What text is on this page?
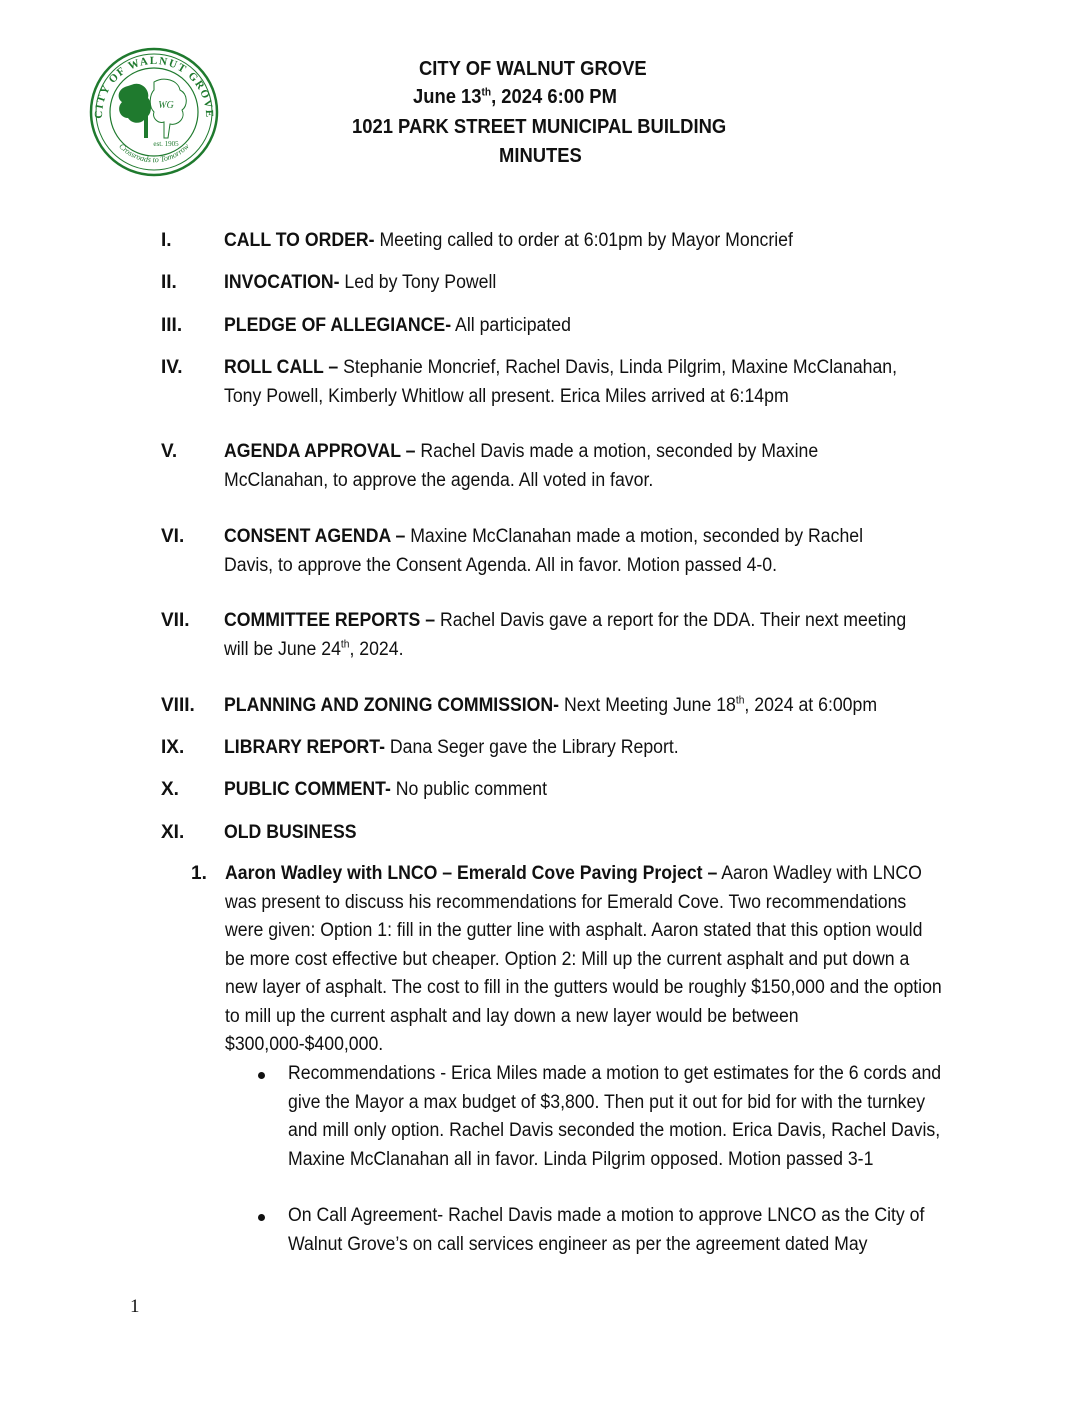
CITY OF WALNUT GROVE
Crossroads to Tomorrow
WG
est. 1905
CITY OF WALNUT GROVE
June 13th, 2024 6:00 PM
1021 PARK STREET MUNICIPAL BUILDING
MINUTES
I.	CALL TO ORDER- Meeting called to order at 6:01pm by Mayor Moncrief
II. INVOCATION- Led by Tony Powell
III. PLEDGE OF ALLEGIANCE- All participated
IV. ROLL CALL – Stephanie Moncrief, Rachel Davis, Linda Pilgrim, Maxine McClanahan, Tony Powell, Kimberly Whitlow all present. Erica Miles arrived at 6:14pm
V. AGENDA APPROVAL – Rachel Davis made a motion, seconded by Maxine McClanahan, to approve the agenda. All voted in favor.
VI. CONSENT AGENDA – Maxine McClanahan made a motion, seconded by Rachel Davis, to approve the Consent Agenda. All in favor. Motion passed 4-0.
VII. COMMITTEE REPORTS – Rachel Davis gave a report for the DDA. Their next meeting will be June 24th, 2024.
VIII. PLANNING AND ZONING COMMISSION- Next Meeting June 18th, 2024 at 6:00pm
IX. LIBRARY REPORT- Dana Seger gave the Library Report.
X. PUBLIC COMMENT- No public comment
XI. OLD BUSINESS
1. Aaron Wadley with LNCO – Emerald Cove Paving Project – Aaron Wadley with LNCO was present to discuss his recommendations for Emerald Cove. Two recommendations were given: Option 1: fill in the gutter line with asphalt. Aaron stated that this option would be more cost effective but cheaper. Option 2: Mill up the current asphalt and put down a new layer of asphalt. The cost to fill in the gutters would be roughly $150,000 and the option to mill up the current asphalt and lay down a new layer would be between $300,000-$400,000.
Recommendations - Erica Miles made a motion to get estimates for the 6 cords and give the Mayor a max budget of $3,800. Then put it out for bid for with the turnkey and mill only option. Rachel Davis seconded the motion. Erica Davis, Rachel Davis, Maxine McClanahan all in favor. Linda Pilgrim opposed. Motion passed 3-1
On Call Agreement- Rachel Davis made a motion to approve LNCO as the City of Walnut Grove’s on call services engineer as per the agreement dated May
1
